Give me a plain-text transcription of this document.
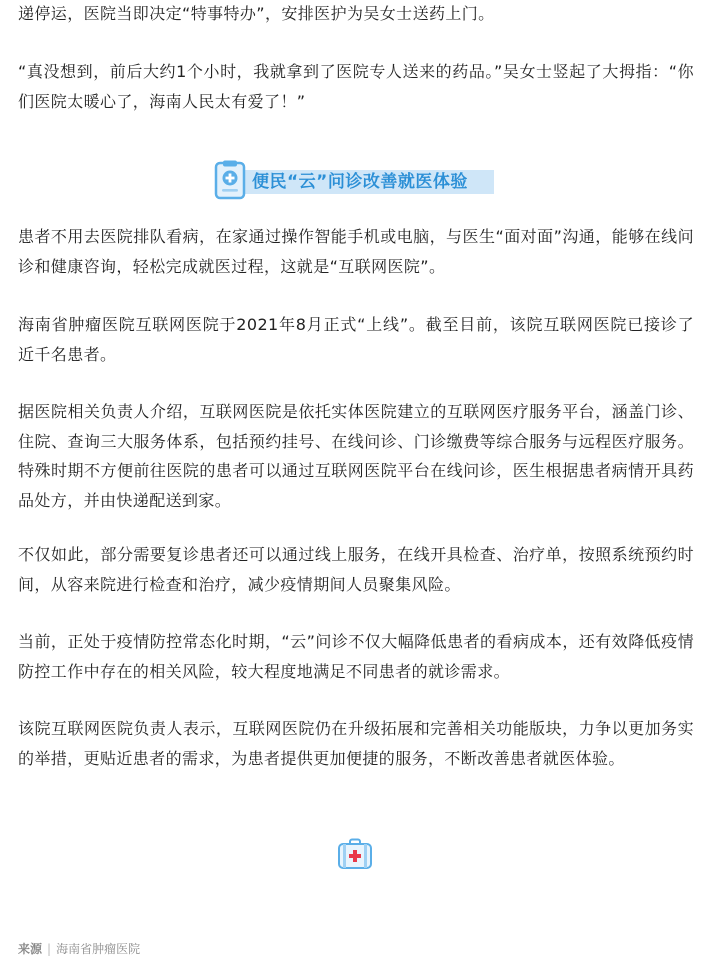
递停运，医院当即决定“特事特办”，安排医护为吴女士送药上门。

“真没想到，前后大约1个小时，我就拿到了医院专人送来的药品。”吴女士竖起了大拇指：“你们医院太暖心了，海南人民太有爱了！”

患者不用去医院排队看病，在家通过操作智能手机或电脑，与医生“面对面”沟通，能够在线问诊和健康咨询，轻松完成就医过程，这就是“互联网医院”。

海南省肿瘤医院互联网医院于2021年8月正式“上线”。截至目前，该院互联网医院已接诊了近千名患者。

据医院相关负责人介绍，互联网医院是依托实体医院建立的互联网医疗服务平台，涵盖门诊、住院、查询三大服务体系，包括预约挂号、在线问诊、门诊缴费等综合服务与远程医疗服务。特殊时期不方便前往医院的患者可以通过互联网医院平台在线问诊，医生根据患者病情开具药品处方，并由快递配送到家。

不仅如此，部分需要复诊患者还可以通过线上服务，在线开具检查、治疗单，按照系统预约时间，从容来院进行检查和治疗，减少疫情期间人员聚集风险。

当前，正处于疫情防控常态化时期，“云”问诊不仅大幅降低患者的看病成本，还有效降低疫情防控工作中存在的相关风险，较大程度地满足不同患者的就诊需求。

该院互联网医院负责人表示，互联网医院仍在升级拓展和完善相关功能版块，力争以更加务实的举措，更贴近患者的需求，为患者提供更加便捷的服务，不断改善患者就医体验。

便民“云”问诊改善就医体验
来源 | 海南省肿瘤医院
